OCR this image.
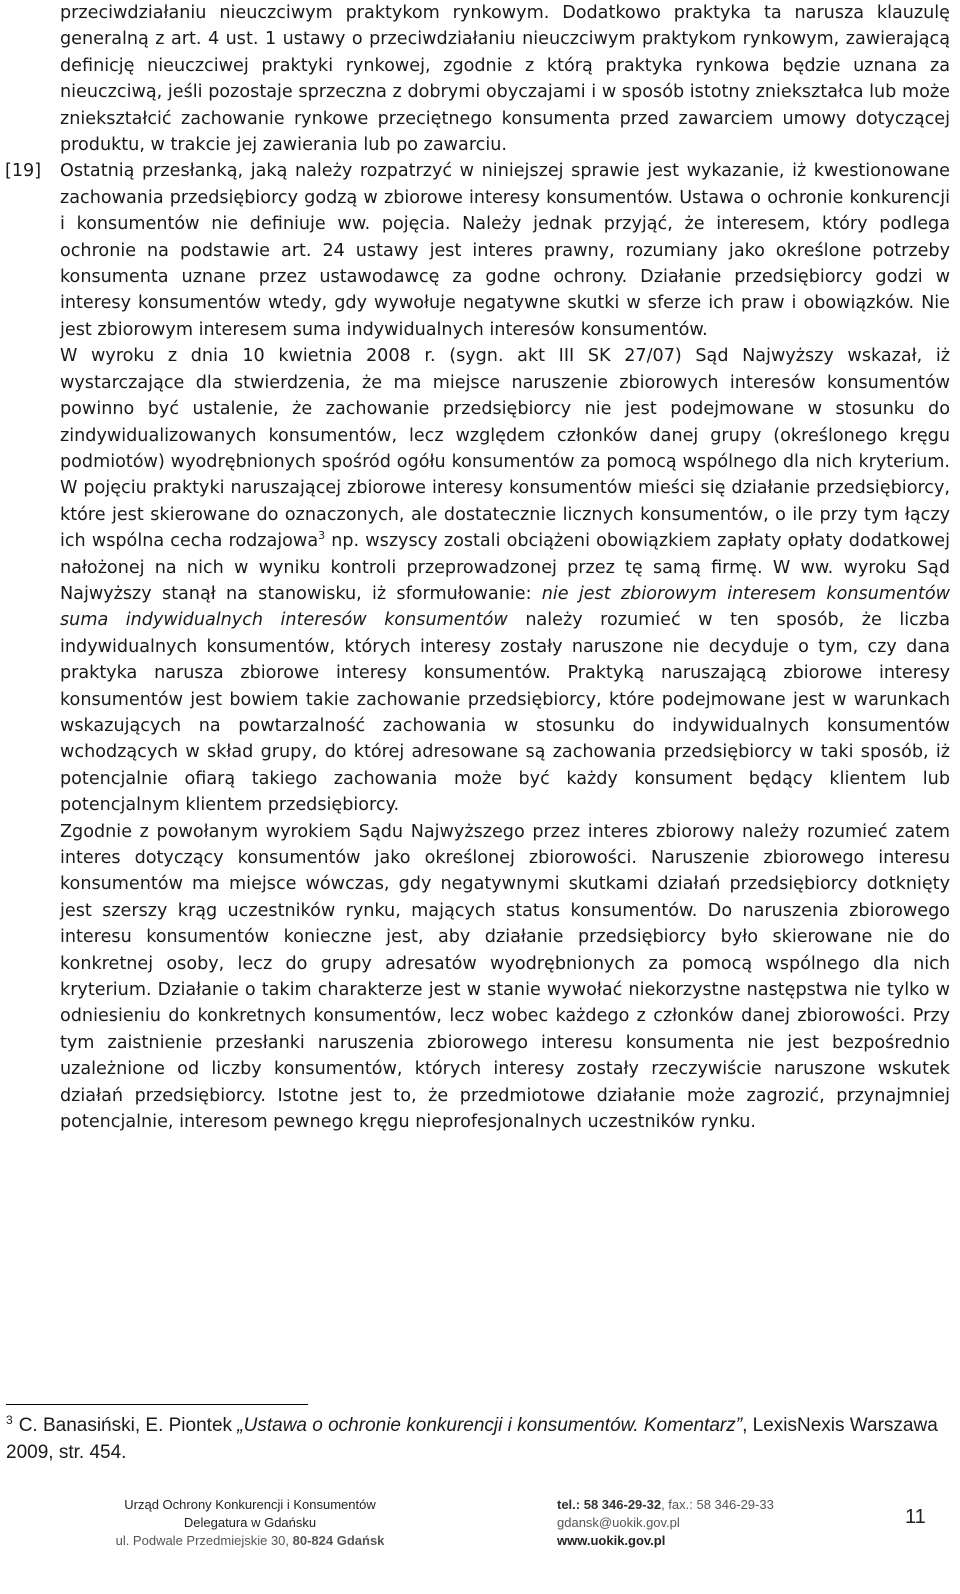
przeciwdziałaniu nieuczciwym praktykom rynkowym. Dodatkowo praktyka ta narusza klauzulę generalną z art. 4 ust. 1 ustawy o przeciwdziałaniu nieuczciwym praktykom rynkowym, zawierającą definicję nieuczciwej praktyki rynkowej, zgodnie z którą praktyka rynkowa będzie uznana za nieuczciwą, jeśli pozostaje sprzeczna z dobrymi obyczajami i w sposób istotny zniekształca lub może zniekształcić zachowanie rynkowe przeciętnego konsumenta przed zawarciem umowy dotyczącej produktu, w trakcie jej zawierania lub po zawarciu.

[19] Ostatnią przesłanką, jaką należy rozpatrzyć w niniejszej sprawie jest wykazanie, iż kwestionowane zachowania przedsiębiorcy godzą w zbiorowe interesy konsumentów. Ustawa o ochronie konkurencji i konsumentów nie definiuje ww. pojęcia. Należy jednak przyjąć, że interesem, który podlega ochronie na podstawie art. 24 ustawy jest interes prawny, rozumiany jako określone potrzeby konsumenta uznane przez ustawodawcę za godne ochrony. Działanie przedsiębiorcy godzi w interesy konsumentów wtedy, gdy wywołuje negatywne skutki w sferze ich praw i obowiązków. Nie jest zbiorowym interesem suma indywidualnych interesów konsumentów.

W wyroku z dnia 10 kwietnia 2008 r. (sygn. akt III SK 27/07) Sąd Najwyższy wskazał, iż wystarczające dla stwierdzenia, że ma miejsce naruszenie zbiorowych interesów konsumentów powinno być ustalenie, że zachowanie przedsiębiorcy nie jest podejmowane w stosunku do zindywidualizowanych konsumentów, lecz względem członków danej grupy (określonego kręgu podmiotów) wyodrębnionych spośród ogółu konsumentów za pomocą wspólnego dla nich kryterium. W pojęciu praktyki naruszającej zbiorowe interesy konsumentów mieści się działanie przedsiębiorcy, które jest skierowane do oznaczonych, ale dostatecznie licznych konsumentów, o ile przy tym łączy ich wspólna cecha rodzajowa$^3$ np. wszyscy zostali obciążeni obowiązkiem zapłaty opłaty dodatkowej nałożonej na nich w wyniku kontroli przeprowadzonej przez tę samą firmę. W ww. wyroku Sąd Najwyższy stanął na stanowisku, iż sformułowanie: nie jest zbiorowym interesem konsumentów suma indywidualnych interesów konsumentów należy rozumieć w ten sposób, że liczba indywidualnych konsumentów, których interesy zostały naruszone nie decyduje o tym, czy dana praktyka narusza zbiorowe interesy konsumentów. Praktyką naruszającą zbiorowe interesy konsumentów jest bowiem takie zachowanie przedsiębiorcy, które podejmowane jest w warunkach wskazujących na powtarzalność zachowania w stosunku do indywidualnych konsumentów wchodzących w skład grupy, do której adresowane są zachowania przedsiębiorcy w taki sposób, iż potencjalnie ofiarą takiego zachowania może być każdy konsument będący klientem lub potencjalnym klientem przedsiębiorcy.

Zgodnie z powołanym wyrokiem Sądu Najwyższego przez interes zbiorowy należy rozumieć zatem interes dotyczący konsumentów jako określonej zbiorowości. Naruszenie zbiorowego interesu konsumentów ma miejsce wówczas, gdy negatywnymi skutkami działań przedsiębiorcy dotknięty jest szerszy krąg uczestników rynku, mających status konsumentów. Do naruszenia zbiorowego interesu konsumentów konieczne jest, aby działanie przedsiębiorcy było skierowane nie do konkretnej osoby, lecz do grupy adresatów wyodrębnionych za pomocą wspólnego dla nich kryterium. Działanie o takim charakterze jest w stanie wywołać niekorzystne następstwa nie tylko w odniesieniu do konkretnych konsumentów, lecz wobec każdego z członków danej zbiorowości. Przy tym zaistnienie przesłanki naruszenia zbiorowego interesu konsumenta nie jest bezpośrednio uzależnione od liczby konsumentów, których interesy zostały rzeczywiście naruszone wskutek działań przedsiębiorcy. Istotne jest to, że przedmiotowe działanie może zagrozić, przynajmniej potencjalnie, interesom pewnego kręgu nieprofesjonalnych uczestników rynku.

$^3$ C. Banasiński, E. Piontek „Ustawa o ochronie konkurencji i konsumentów. Komentarz”, LexisNexis Warszawa 2009, str. 454.

Urząd Ochrony Konkurencji i Konsumentów
Delegatura w Gdańsku
ul. Podwale Przedmiejskie 30, 80-824 Gdańsk
tel.: 58 346-29-32, fax.: 58 346-29-33
gdansk@uokik.gov.pl
www.uokik.gov.pl
11
